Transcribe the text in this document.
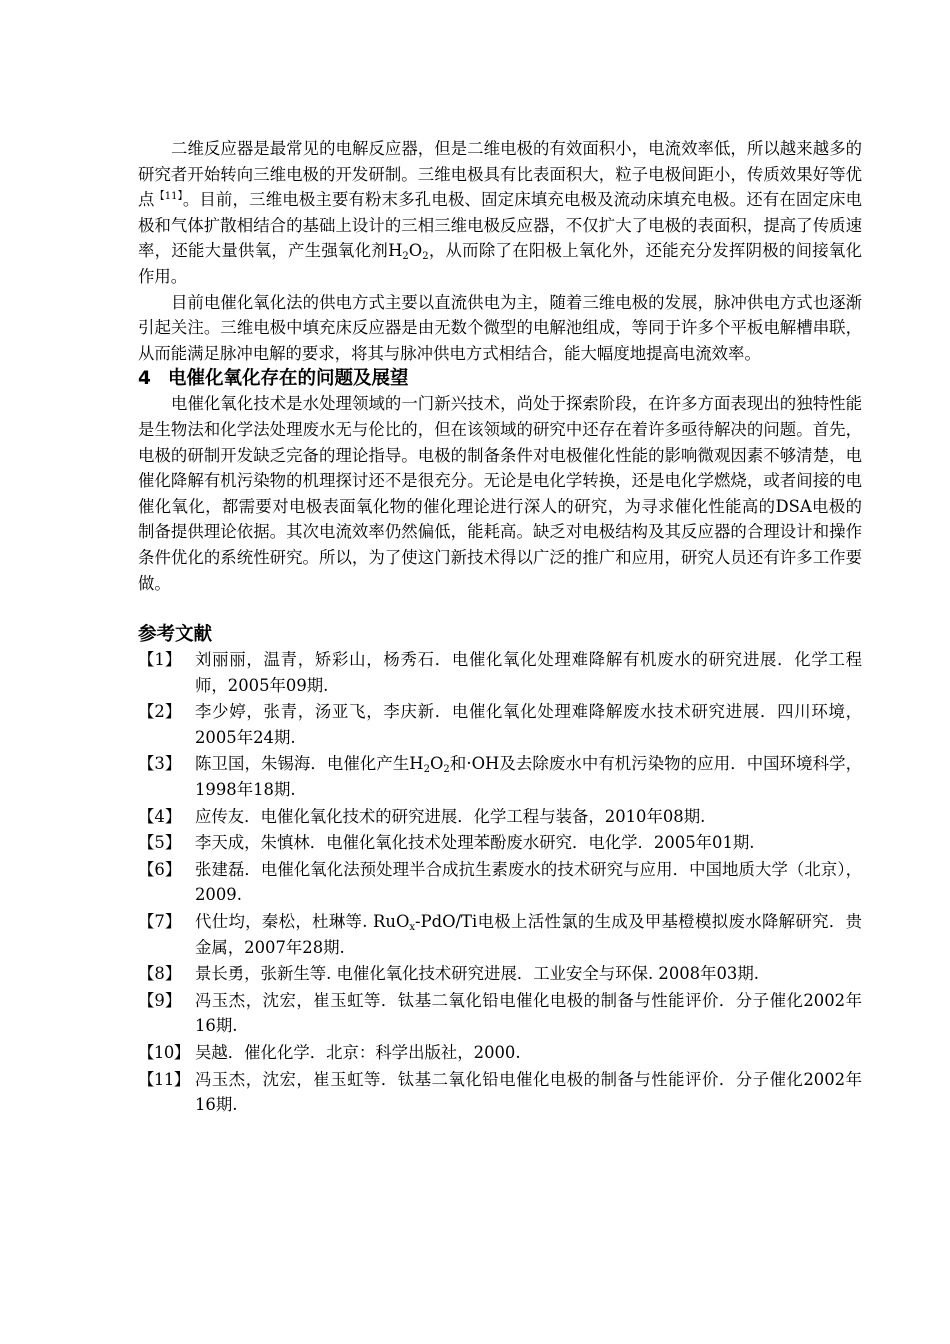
二维反应器是最常见的电解反应器，但是二维电极的有效面积小，电流效率低，所以越来越多的研究者开始转向三维电极的开发研制。三维电极具有比表面积大，粒子电极间距小，传质效果好等优点$^{【11】}$。目前，三维电极主要有粉末多孔电极、固定床填充电极及流动床填充电极。还有在固定床电极和气体扩散相结合的基础上设计的三相三维电极反应器，不仅扩大了电极的表面积，提高了传质速率，还能大量供氧，产生强氧化剂$H_2O_2$，从而除了在阳极上氧化外，还能充分发挥阴极的间接氧化作用。

目前电催化氧化法的供电方式主要以直流供电为主，随着三维电极的发展，脉冲供电方式也逐渐引起关注。三维电极中填充床反应器是由无数个微型的电解池组成，等同于许多个平板电解槽串联，从而能满足脉冲电解的要求，将其与脉冲供电方式相结合，能大幅度地提高电流效率。

4 电催化氧化存在的问题及展望

电催化氧化技术是水处理领域的一门新兴技术，尚处于探索阶段，在许多方面表现出的独特性能是生物法和化学法处理废水无与伦比的，但在该领域的研究中还存在着许多亟待解决的问题。首先，电极的研制开发缺乏完备的理论指导。电极的制备条件对电极催化性能的影响微观因素不够清楚，电催化降解有机污染物的机理探讨还不是很充分。无论是电化学转换，还是电化学燃烧，或者间接的电催化氧化，都需要对电极表面氧化物的催化理论进行深人的研究，为寻求催化性能高的DSA电极的制备提供理论依据。其次电流效率仍然偏低，能耗高。缺乏对电极结构及其反应器的合理设计和操作条件优化的系统性研究。所以，为了使这门新技术得以广泛的推广和应用，研究人员还有许多工作要做。

参考文献
【1】 刘丽丽，温青，矫彩山，杨秀石．电催化氧化处理难降解有机废水的研究进展．化学工程师，2005年09期.
【2】 李少婷，张青，汤亚飞，李庆新．电催化氧化处理难降解废水技术研究进展．四川环境，2005年24期.
【3】 陈卫国，朱锡海．电催化产生$H_2O_2$和·OH及去除废水中有机污染物的应用．中国环境科学，1998年18期.
【4】 应传友．电催化氧化技术的研究进展．化学工程与装备，2010年08期.
【5】 李天成，朱慎林．电催化氧化技术处理苯酚废水研究．电化学．2005年01期.
【6】 张建磊．电催化氧化法预处理半合成抗生素废水的技术研究与应用．中国地质大学（北京），2009.
【7】 代仕均，秦松，杜琳等. RuO$_x$-PdO/Ti电极上活性氯的生成及甲基橙模拟废水降解研究．贵金属，2007年28期.
【8】 景长勇，张新生等. 电催化氧化技术研究进展．工业安全与环保. 2008年03期.
【9】 冯玉杰，沈宏，崔玉虹等．钛基二氧化铅电催化电极的制备与性能评价．分子催化2002年16期.
【10】 吴越．催化化学．北京：科学出版社，2000.
【11】 冯玉杰，沈宏，崔玉虹等．钛基二氧化铅电催化电极的制备与性能评价．分子催化2002年16期.
